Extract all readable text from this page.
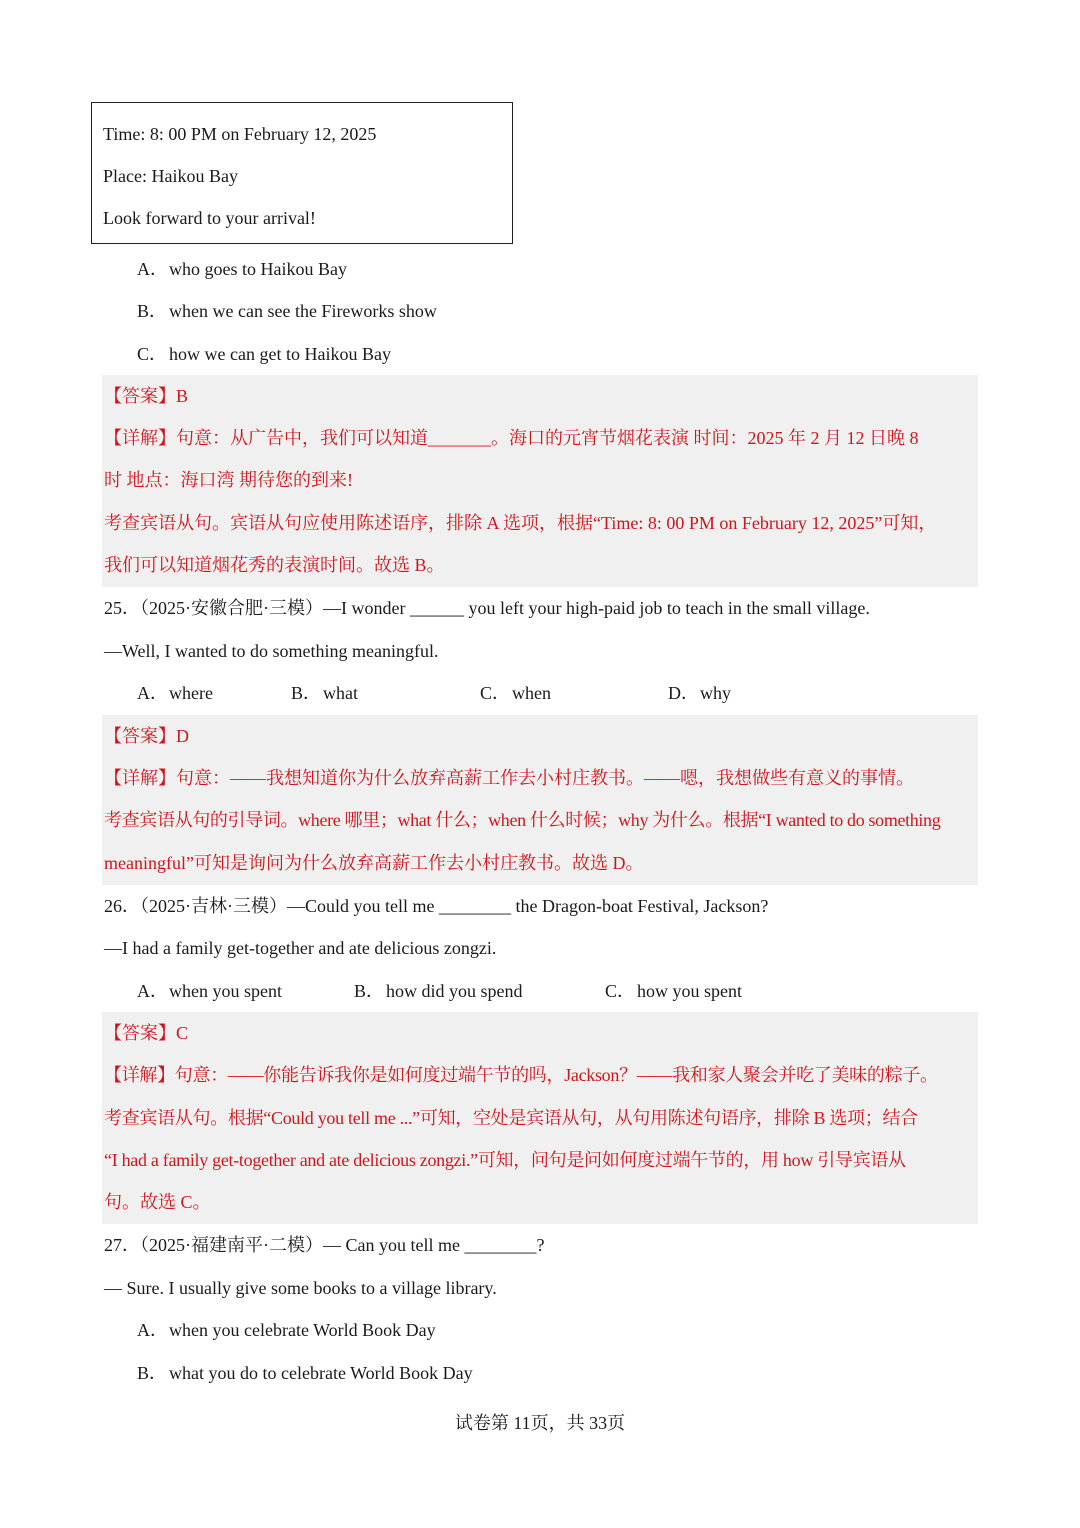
Time: 8: 00 PM on February 12, 2025
Place: Haikou Bay
Look forward to your arrival!
A．who goes to Haikou Bay
B． when we can see the Fireworks show
C． how we can get to Haikou Bay
【答案】B
【详解】句意：从广告中，我们可以知道_______。海口的元宵节烟花表演 时间：2025 年 2 月 12 日晚 8
时 地点：海口湾 期待您的到来!
考查宾语从句。宾语从句应使用陈述语序，排除 A 选项，根据“Time: 8: 00 PM on February 12, 2025”可知，
我们可以知道烟花秀的表演时间。故选 B。
25．（2025·安徽合肥·三模）—I wonder ______ you left your high-paid job to teach in the small village.
—Well, I wanted to do something meaningful.
A．where	B． what	C． when	D．why
【答案】D
【详解】句意：——我想知道你为什么放弃高薪工作去小村庄教书。——嗯，我想做些有意义的事情。
考查宾语从句的引导词。where 哪里；what 什么；when 什么时候；why 为什么。根据“I wanted to do something
meaningful”可知是询问为什么放弃高薪工作去小村庄教书。故选 D。
26．（2025·吉林·三模）—Could you tell me ________ the Dragon-boat Festival, Jackson?
—I had a family get-together and ate delicious zongzi.
A．when you spent	B． how did you spend	C． how you spent
【答案】C
【详解】句意：——你能告诉我你是如何度过端午节的吗，Jackson？——我和家人聚会并吃了美味的粽子。
考查宾语从句。根据“Could you tell me ...”可知，空处是宾语从句，从句用陈述句语序，排除 B 选项；结合
“I had a family get-together and ate delicious zongzi.”可知，问句是问如何度过端午节的，用 how 引导宾语从
句。故选 C。
27．（2025·福建南平·二模）— Can you tell me ________?
— Sure. I usually give some books to a village library.
A．when you celebrate World Book Day
B． what you do to celebrate World Book Day
试卷第 11页，共 33页
